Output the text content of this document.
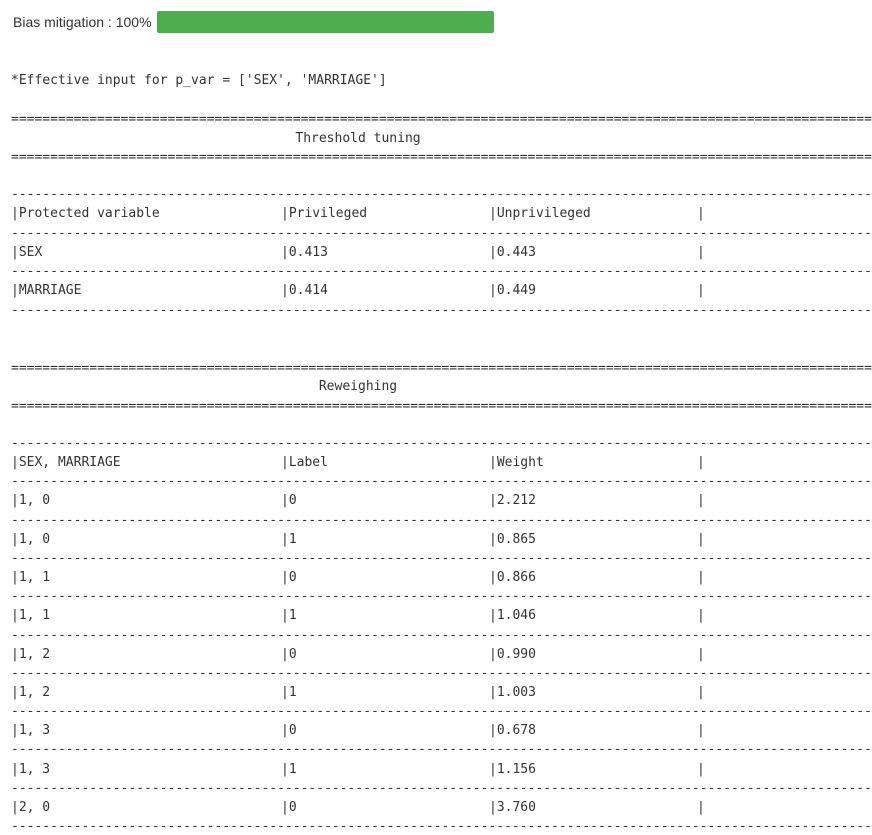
Bias mitigation : 100%
*Effective input for p_var = ['SEX', 'MARRIAGE']
==============================================================================================================
Threshold tuning
==============================================================================================================
--------------------------------------------------------------------------------------------------------------
|Protected variable	|Privileged	|Unprivileged	|
--------------------------------------------------------------------------------------------------------------
|SEX	|0.413	|0.443	|
--------------------------------------------------------------------------------------------------------------
|MARRIAGE	|0.414	|0.449	|
--------------------------------------------------------------------------------------------------------------
==============================================================================================================
Reweighing
==============================================================================================================
--------------------------------------------------------------------------------------------------------------
|SEX, MARRIAGE	|Label	|Weight	|
--------------------------------------------------------------------------------------------------------------
|1, 0	|0	|2.212	|
--------------------------------------------------------------------------------------------------------------
|1, 0	|1	|0.865	|
--------------------------------------------------------------------------------------------------------------
|1, 1	|0	|0.866	|
--------------------------------------------------------------------------------------------------------------
|1, 1	|1	|1.046	|
--------------------------------------------------------------------------------------------------------------
|1, 2	|0	|0.990	|
--------------------------------------------------------------------------------------------------------------
|1, 2	|1	|1.003	|
--------------------------------------------------------------------------------------------------------------
|1, 3	|0	|0.678	|
--------------------------------------------------------------------------------------------------------------
|1, 3	|1	|1.156	|
--------------------------------------------------------------------------------------------------------------
|2, 0	|0	|3.760	|
--------------------------------------------------------------------------------------------------------------
